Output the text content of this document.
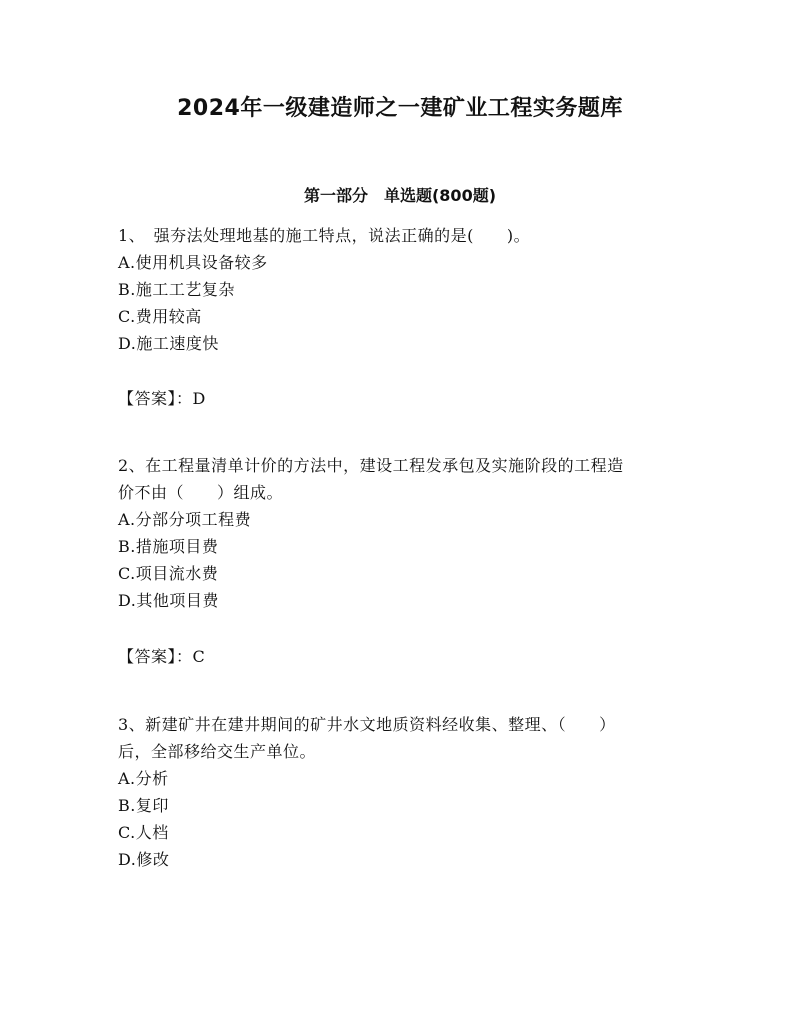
2024年一级建造师之一建矿业工程实务题库
第一部分　单选题(800题)
1、　强夯法处理地基的施工特点，说法正确的是(　　)。
A.使用机具设备较多
B.施工工艺复杂
C.费用较高
D.施工速度快
【答案】：D
2、在工程量清单计价的方法中，建设工程发承包及实施阶段的工程造
价不由（　　）组成。
A.分部分项工程费
B.措施项目费
C.项目流水费
D.其他项目费
【答案】：C
3、新建矿井在建井期间的矿井水文地质资料经收集、整理、（　　）
后，全部移给交生产单位。
A.分析
B.复印
C.人档
D.修改
